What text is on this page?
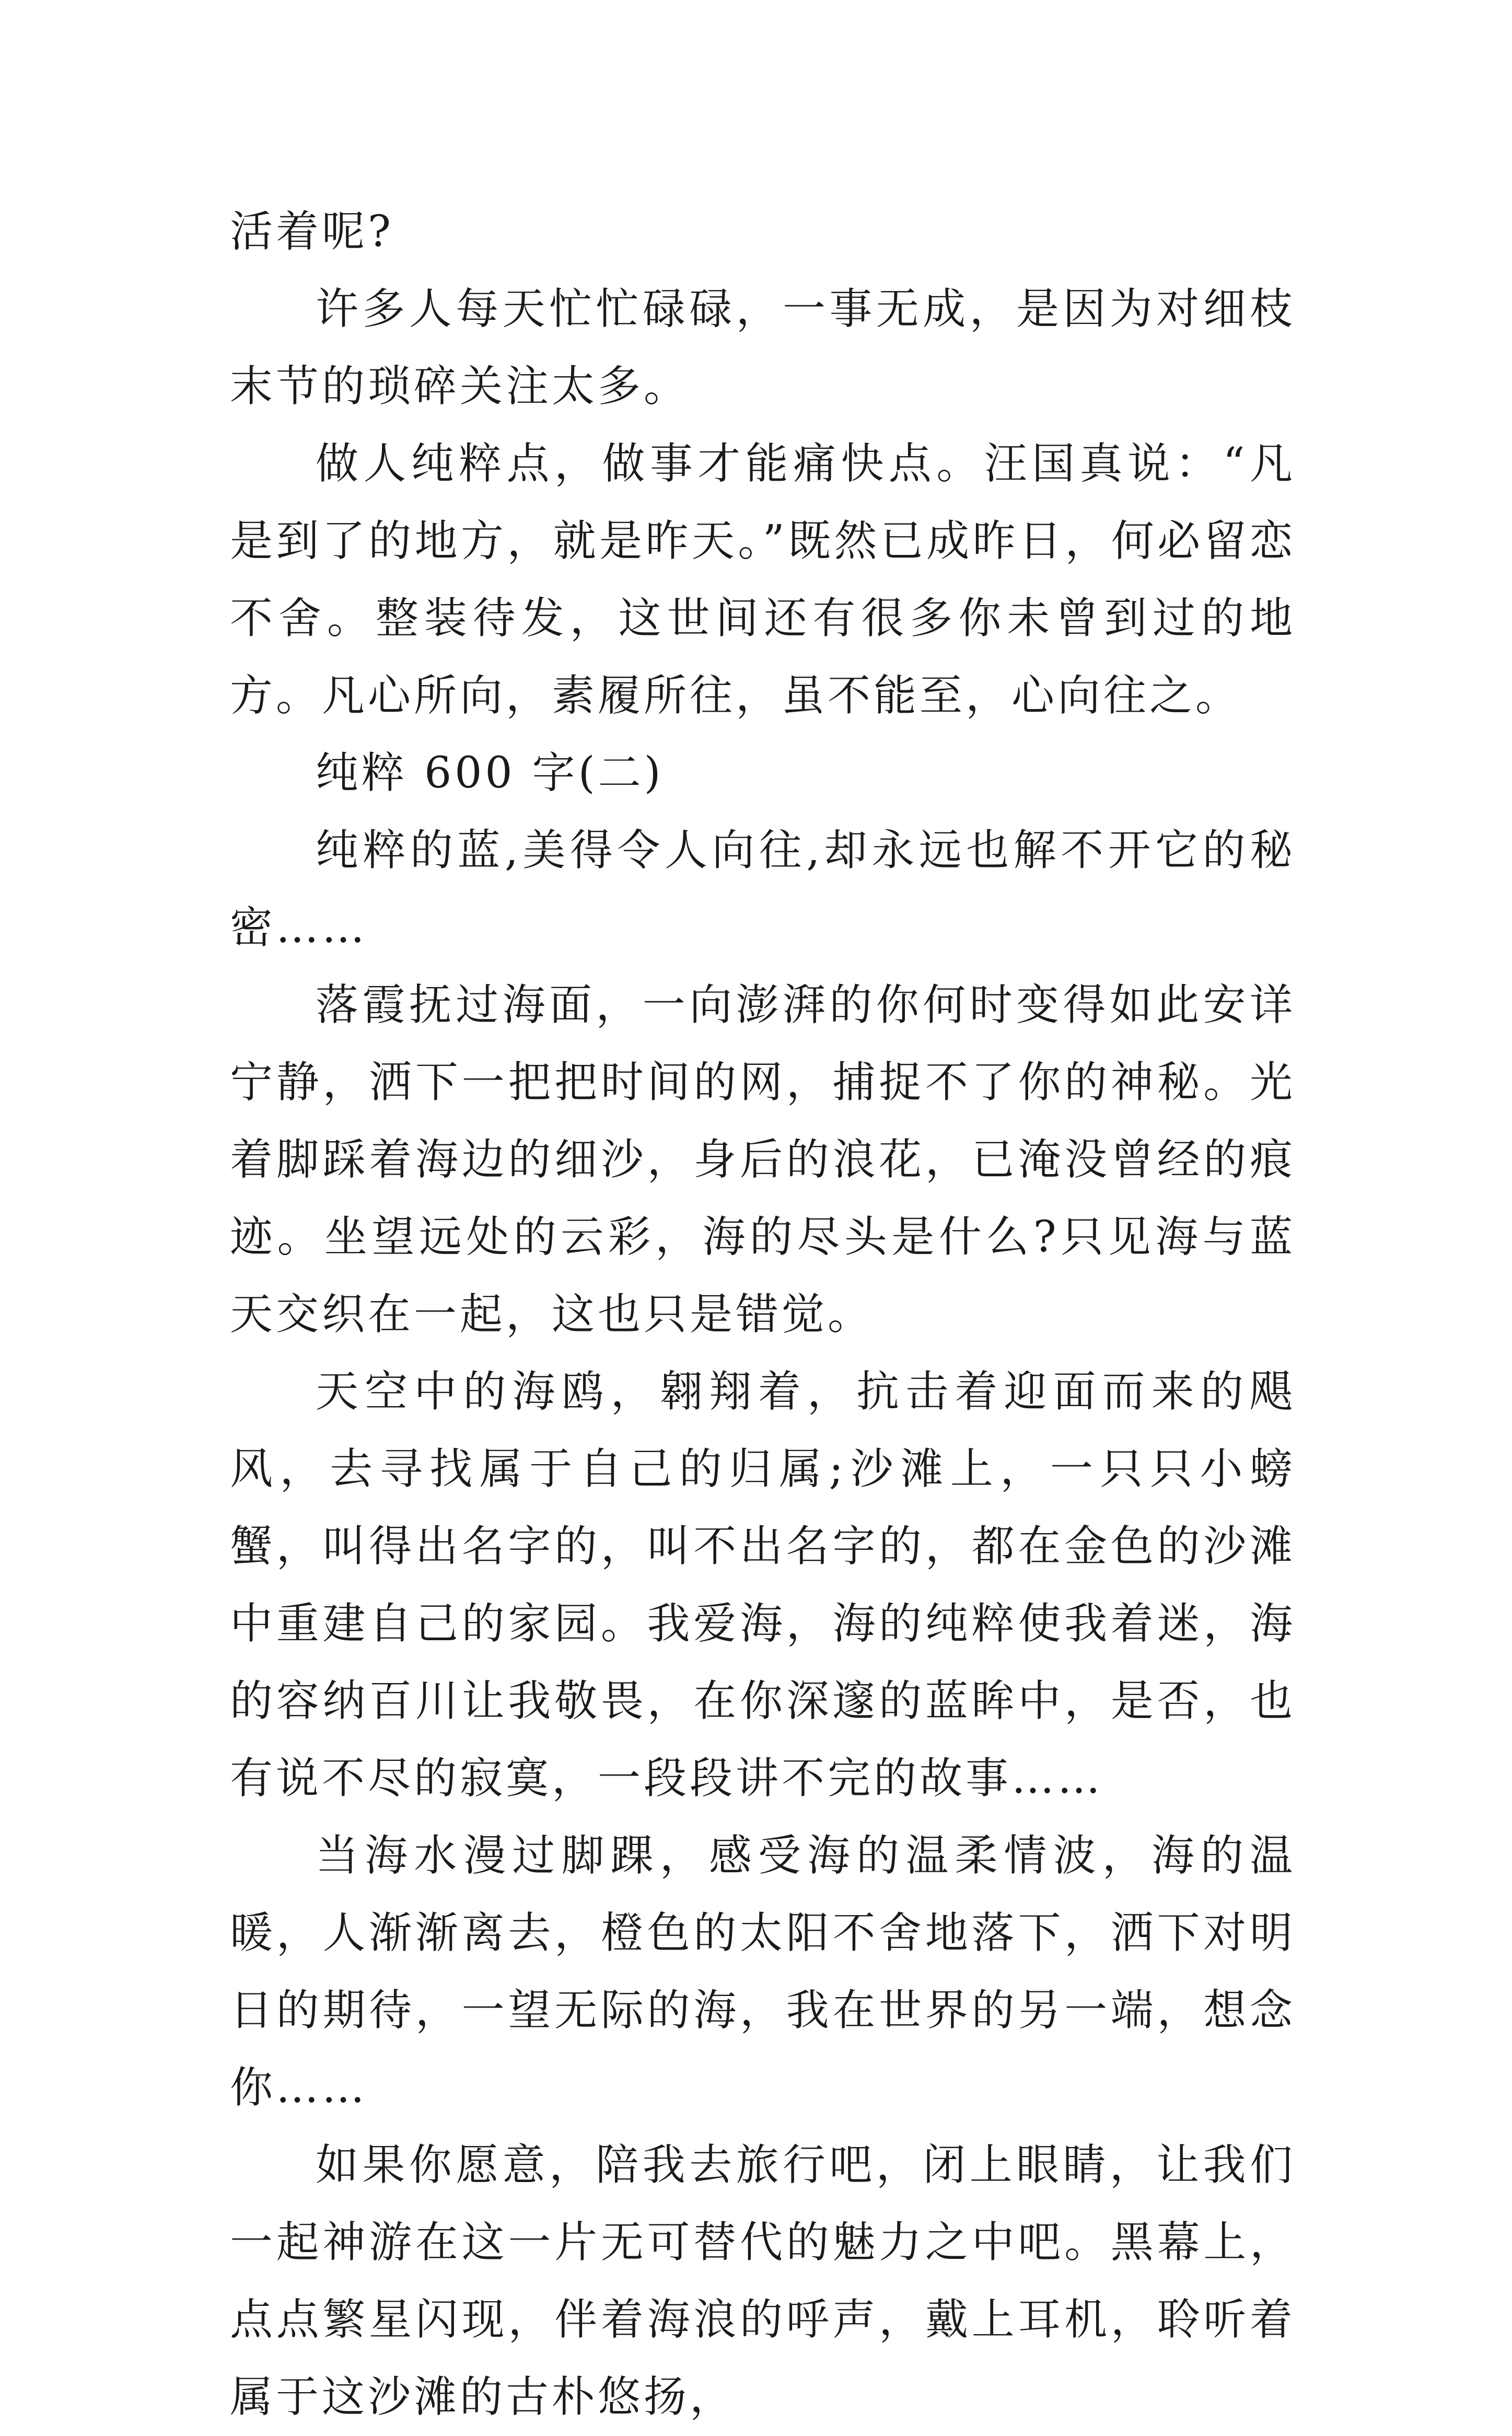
活着呢?

许多人每天忙忙碌碌，一事无成，是因为对细枝末节的琐碎关注太多。

做人纯粹点，做事才能痛快点。汪国真说：“凡是到了的地方，就是昨天。”既然已成昨日，何必留恋不舍。整装待发，这世间还有很多你未曾到过的地方。凡心所向，素履所往，虽不能至，心向往之。

纯粹 600 字(二)

纯粹的蓝,美得令人向往,却永远也解不开它的秘密……

落霞抚过海面，一向澎湃的你何时变得如此安详宁静，洒下一把把时间的网，捕捉不了你的神秘。光着脚踩着海边的细沙，身后的浪花，已淹没曾经的痕迹。坐望远处的云彩，海的尽头是什么?只见海与蓝天交织在一起，这也只是错觉。

天空中的海鸥，翱翔着，抗击着迎面而来的飓风，去寻找属于自己的归属;沙滩上，一只只小螃蟹，叫得出名字的，叫不出名字的，都在金色的沙滩中重建自己的家园。我爱海，海的纯粹使我着迷，海的容纳百川让我敬畏，在你深邃的蓝眸中，是否，也有说不尽的寂寞，一段段讲不完的故事……

当海水漫过脚踝，感受海的温柔情波，海的温暖，人渐渐离去，橙色的太阳不舍地落下，洒下对明日的期待，一望无际的海，我在世界的另一端，想念你……

如果你愿意，陪我去旅行吧，闭上眼睛，让我们一起神游在这一片无可替代的魅力之中吧。黑幕上，点点繁星闪现，伴着海浪的呼声，戴上耳机，聆听着属于这沙滩的古朴悠扬，
